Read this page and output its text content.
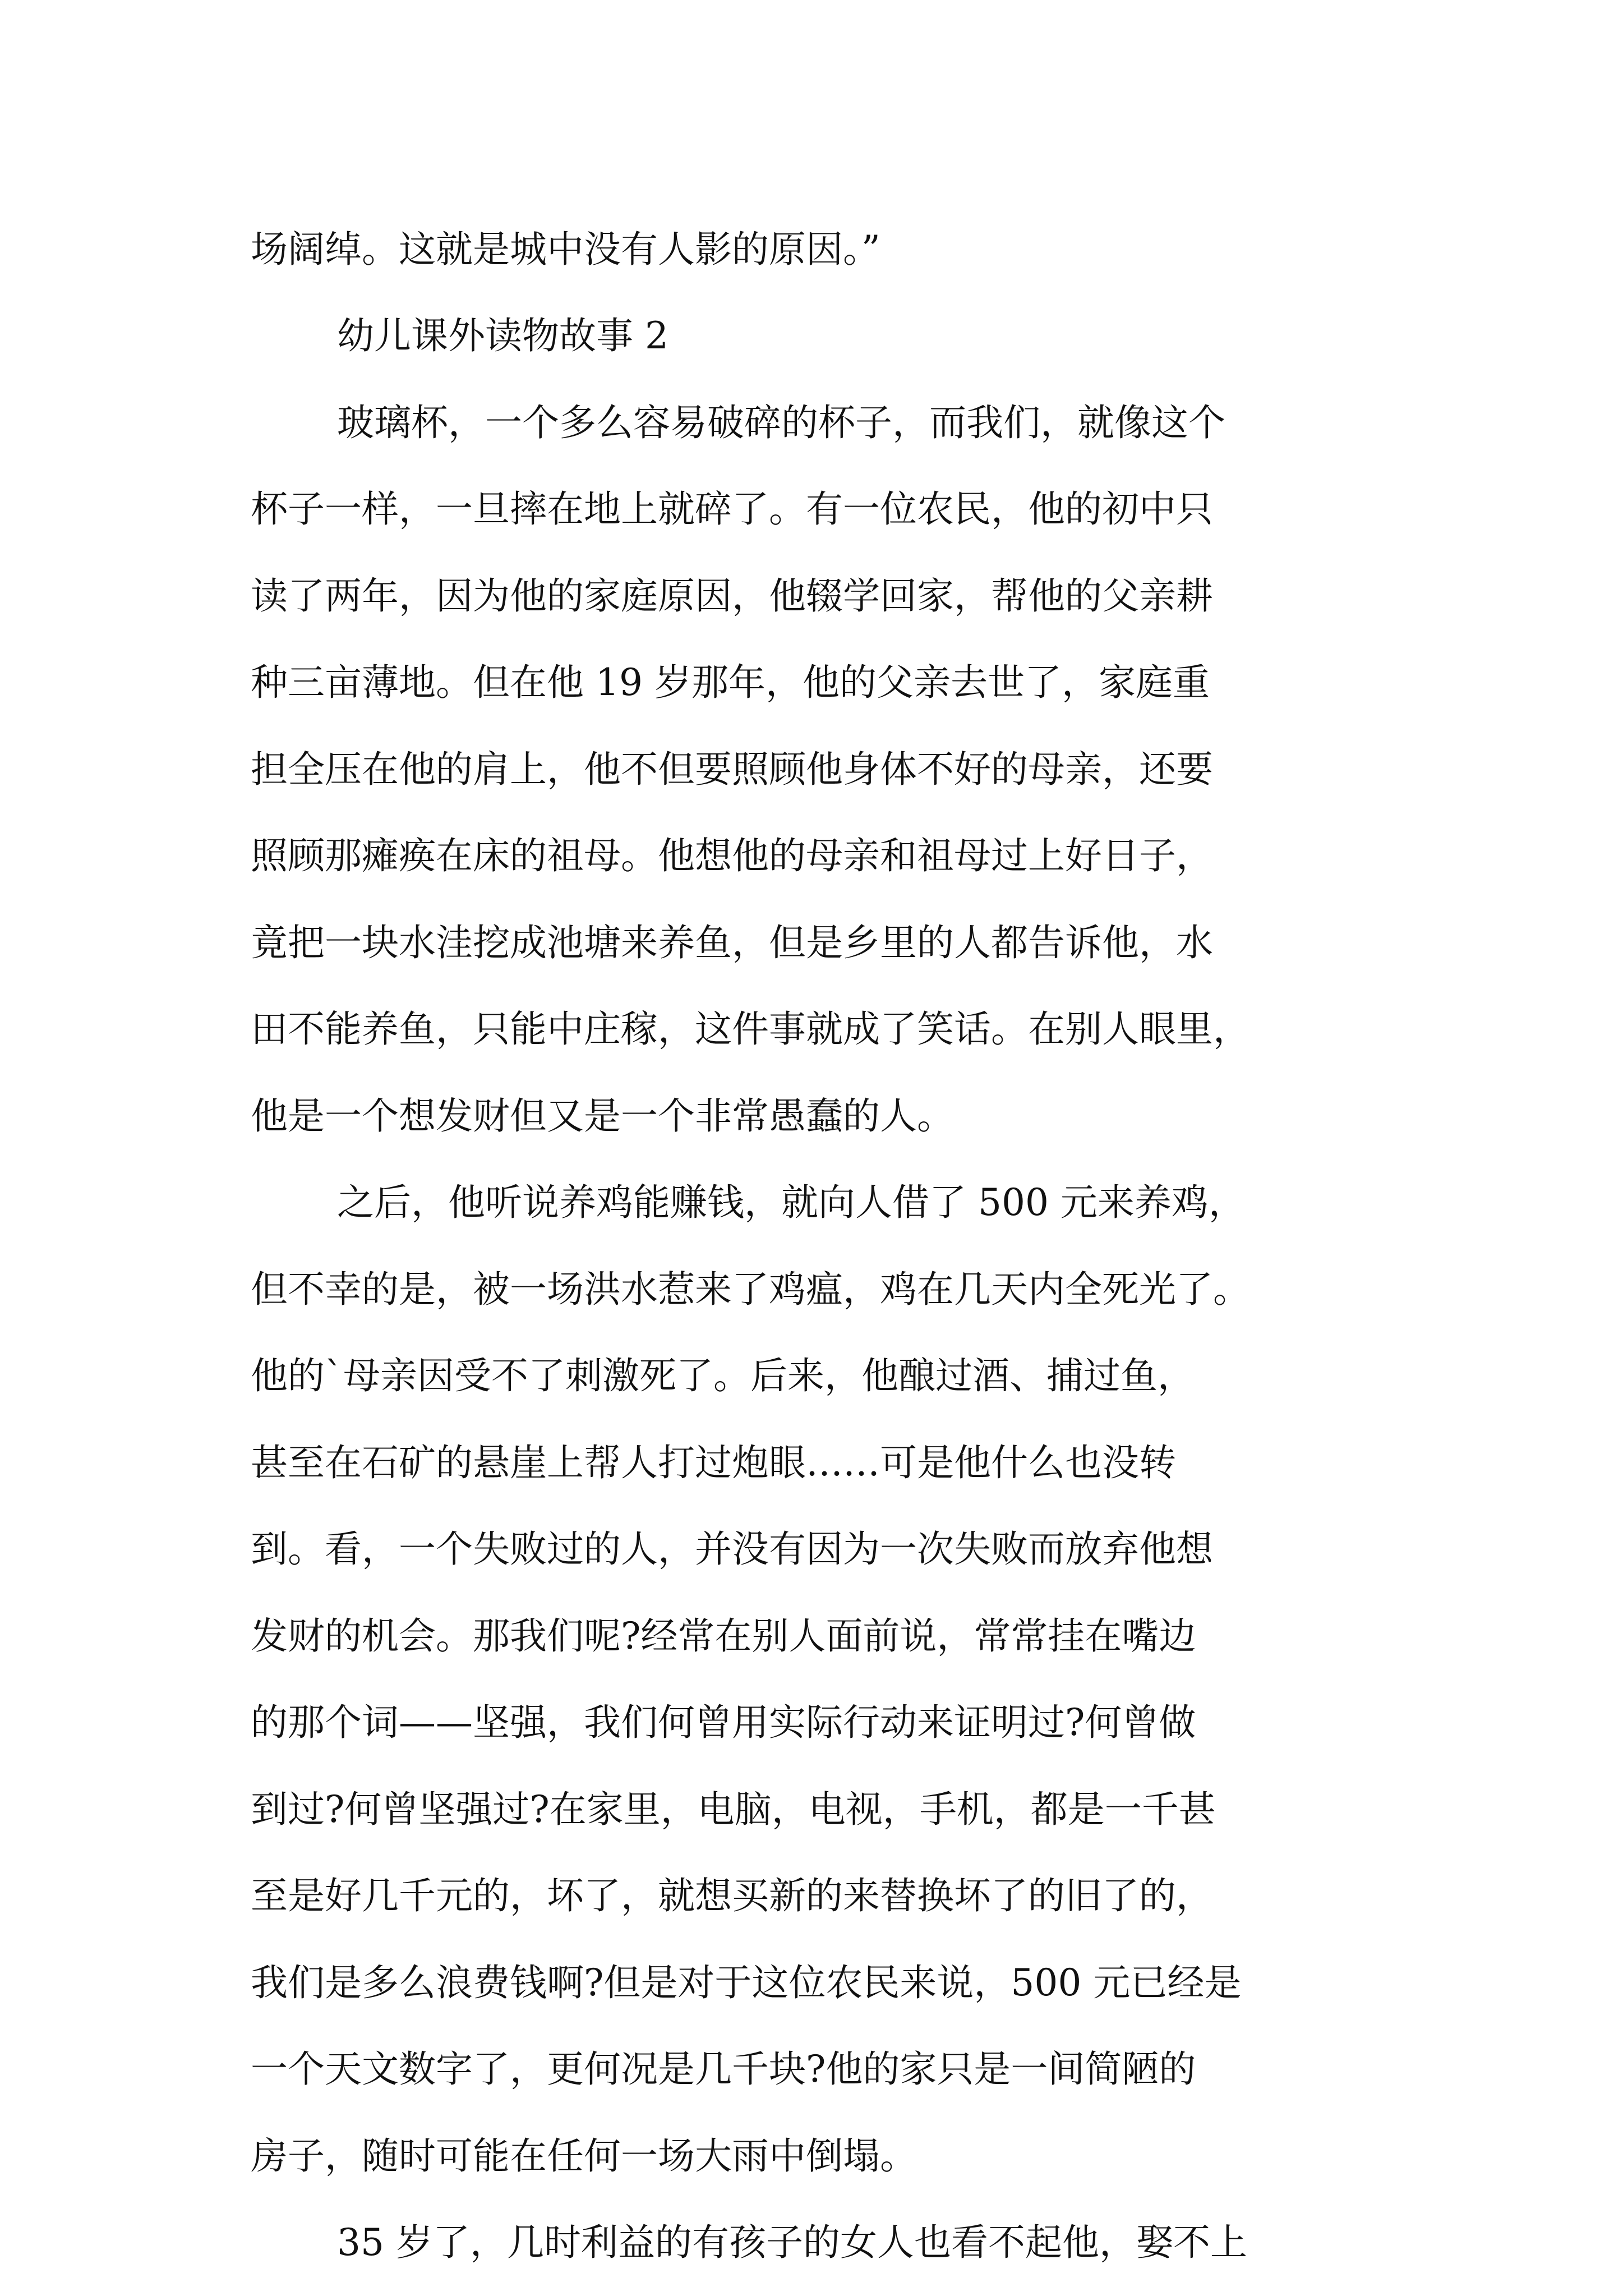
场阔绰。这就是城中没有人影的原因。”
幼儿课外读物故事 2
玻璃杯，一个多么容易破碎的杯子，而我们，就像这个
杯子一样，一旦摔在地上就碎了。有一位农民，他的初中只
读了两年，因为他的家庭原因，他辍学回家，帮他的父亲耕
种三亩薄地。但在他 19 岁那年，他的父亲去世了，家庭重
担全压在他的肩上，他不但要照顾他身体不好的母亲，还要
照顾那瘫痪在床的祖母。他想他的母亲和祖母过上好日子，
竟把一块水洼挖成池塘来养鱼，但是乡里的人都告诉他，水
田不能养鱼，只能中庄稼，这件事就成了笑话。在别人眼里，
他是一个想发财但又是一个非常愚蠢的人。
之后，他听说养鸡能赚钱，就向人借了 500 元来养鸡，
但不幸的是，被一场洪水惹来了鸡瘟，鸡在几天内全死光了。
他的`母亲因受不了刺激死了。后来，他酿过酒、捕过鱼，
甚至在石矿的悬崖上帮人打过炮眼……可是他什么也没转
到。看，一个失败过的人，并没有因为一次失败而放弃他想
发财的机会。那我们呢?经常在别人面前说，常常挂在嘴边
的那个词——坚强，我们何曾用实际行动来证明过?何曾做
到过?何曾坚强过?在家里，电脑，电视，手机，都是一千甚
至是好几千元的，坏了，就想买新的来替换坏了的旧了的，
我们是多么浪费钱啊?但是对于这位农民来说，500 元已经是
一个天文数字了，更何况是几千块?他的家只是一间简陋的
房子，随时可能在任何一场大雨中倒塌。
35 岁了，几时利益的有孩子的女人也看不起他，娶不上
